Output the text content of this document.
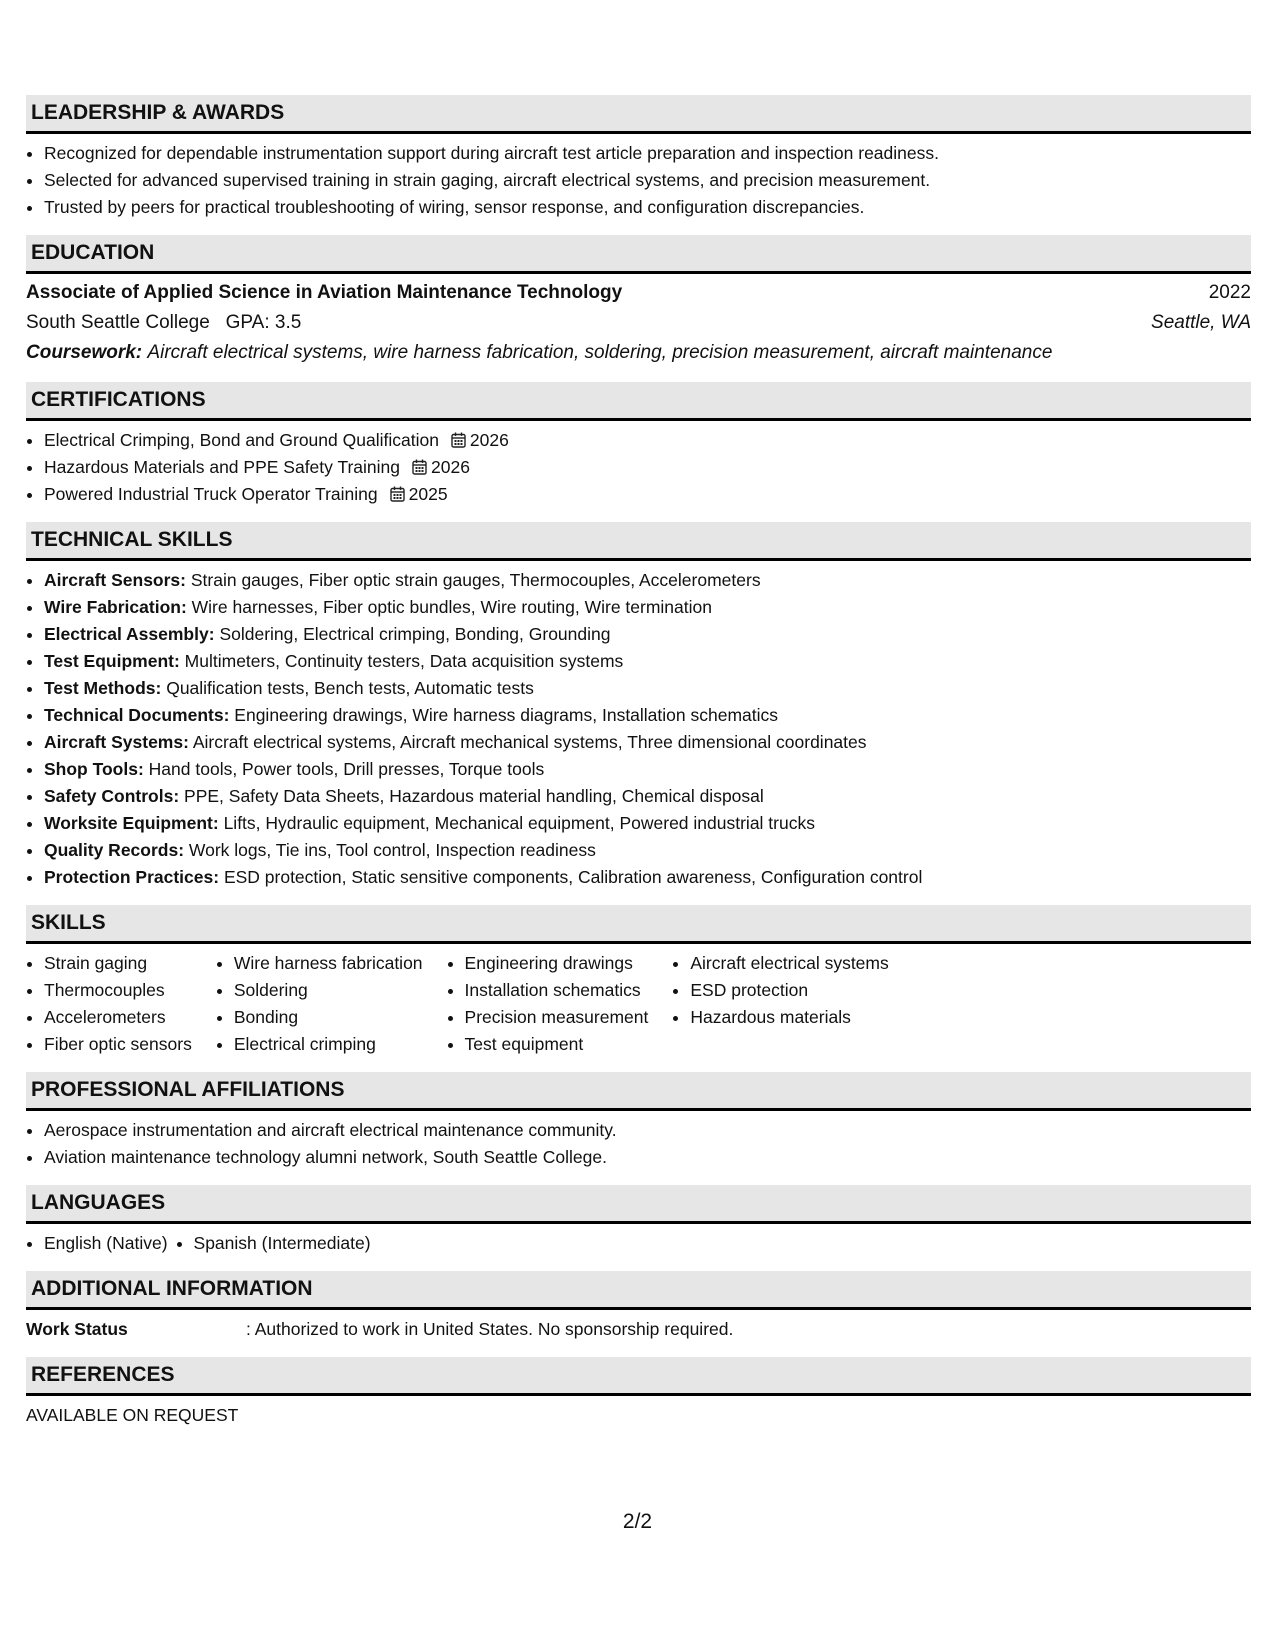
LEADERSHIP & AWARDS
• Recognized for dependable instrumentation support during aircraft test article preparation and inspection readiness.
• Selected for advanced supervised training in strain gaging, aircraft electrical systems, and precision measurement.
• Trusted by peers for practical troubleshooting of wiring, sensor response, and configuration discrepancies.
EDUCATION
Associate of Applied Science in Aviation Maintenance Technology	2022
South Seattle College GPA: 3.5	Seattle, WA
Coursework:
Aircraft electrical systems, wire harness fabrication, soldering, precision measurement, aircraft maintenance
CERTIFICATIONS
• Electrical Crimping, Bond and Ground Qualification 2026
• Hazardous Materials and PPE Safety Training 2026
• Powered Industrial Truck Operator Training 2025
TECHNICAL SKILLS
• Aircraft Sensors: Strain gauges, Fiber optic strain gauges, Thermocouples, Accelerometers
• Wire Fabrication: Wire harnesses, Fiber optic bundles, Wire routing, Wire termination
• Electrical Assembly: Soldering, Electrical crimping, Bonding, Grounding
• Test Equipment: Multimeters, Continuity testers, Data acquisition systems
• Test Methods: Qualification tests, Bench tests, Automatic tests
• Technical Documents: Engineering drawings, Wire harness diagrams, Installation schematics
• Aircraft Systems: Aircraft electrical systems, Aircraft mechanical systems, Three dimensional coordinates
• Shop Tools: Hand tools, Power tools, Drill presses, Torque tools
• Safety Controls: PPE, Safety Data Sheets, Hazardous material handling, Chemical disposal
• Worksite Equipment: Lifts, Hydraulic equipment, Mechanical equipment, Powered industrial trucks
• Quality Records: Work logs, Tie ins, Tool control, Inspection readiness
• Protection Practices: ESD protection, Static sensitive components, Calibration awareness, Configuration control
SKILLS
• Strain gaging
• Thermocouples
• Accelerometers
• Fiber optic sensors
• Wire harness fabrication
• Soldering
• Bonding
• Electrical crimping
• Engineering drawings
• Installation schematics
• Precision measurement
• Test equipment
• Aircraft electrical systems
• ESD protection
• Hazardous materials
PROFESSIONAL AFFILIATIONS
• Aerospace instrumentation and aircraft electrical maintenance community.
• Aviation maintenance technology alumni network, South Seattle College.
LANGUAGES
• English (Native)
• Spanish (Intermediate)
ADDITIONAL INFORMATION
Work Status	: Authorized to work in United States. No sponsorship required.
REFERENCES
AVAILABLE ON REQUEST
2/2
